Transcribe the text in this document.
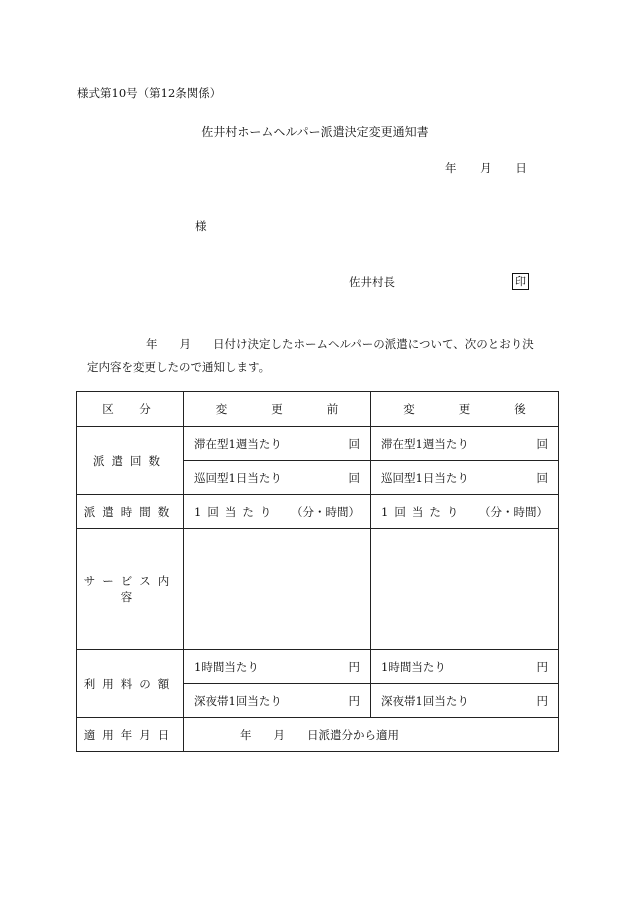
様式第10号（第12条関係）
佐井村ホームヘルパー派遣決定変更通知書
年 月 日
様
佐井村長	印
年 月 日付け決定したホームヘルパーの派遣について、次のとおり決
定内容を変更したので通知します。
区　分	変 更 前	変 更 後
派遣回数	滞在型1週当たり 回	滞在型1週当たり 回

	巡回型1日当たり 回	巡回型1日当たり 回

派遣時間数	1回当たり （分・時間）	1回当たり （分・時間）

サービス内容		
利用料の額	1時間当たり 円	1時間当たり 円

	深夜帯1回当たり 円	深夜帯1回当たり 円

適用年月日	年 月 日派遣分から適用	
